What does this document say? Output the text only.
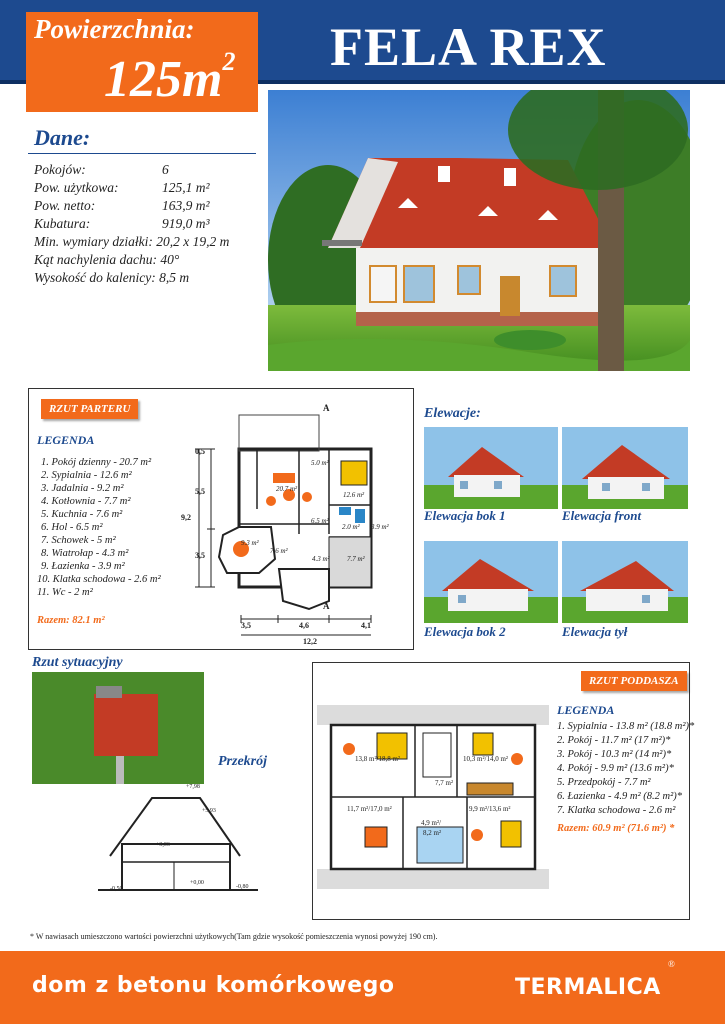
FELA REX
Powierzchnia:
$125m^2$
Dane:
Pokojów:	6
Pow. użytkowa:	125,1 m²
Pow. netto:	163,9 m²
Kubatura:	919,0 m³
Min. wymiary działki: 20,2 x 19,2 m
Kąt nachylenia dachu: 40°
Wysokość do kalenicy: 8,5 m
RZUT PARTERU
LEGENDA
1. Pokój dzienny - 20.7 m²
2. Sypialnia - 12.6 m²
3. Jadalnia - 9.2 m²
4. Kotłownia - 7.7 m²
5. Kuchnia - 7.6 m²
6. Hol - 6.5 m²
7. Schowek - 5 m²
8. Wiatrołap - 4.3 m²
9. Łazienka - 3.9 m²
10. Klatka schodowa - 2.6 m²
11. Wc - 2 m²
Razem: 82.1 m²
20.7 m²
12.6 m²
9.3 m²
7.7 m²
7.6 m²
6.5 m²
5.0 m²
4.3 m²
3.9 m²
2.0 m²
3,5	4,6	4,1
12,2
9,2
5,5
3,5
0,5
A
A
Elewacje:
Elewacja bok 1	Elewacja front
Elewacja bok 2	Elewacja tył
Rzut sytuacyjny
Przekrój
+7,98
+5,93
+3,06
+0,00
-0,50	-0,80
RZUT PODDASZA
LEGENDA
1. Sypialnia - 13.8 m² (18.8 m²)*
2. Pokój - 11.7 m² (17 m²)*
3. Pokój - 10.3 m² (14 m²)*
4. Pokój - 9.9 m² (13.6 m²)*
5. Przedpokój - 7.7 m²
6. Łazienka - 4.9 m² (8.2 m²)*
7. Klatka schodowa - 2.6 m²
Razem: 60.9 m² (71.6 m²) *
13,8 m²/18,8 m²
11,7 m²/17,0 m²
10,3 m²/14,0 m²
9,9 m²/13,6 m²
7,7 m²
4,9 m²/
8,2 m²
* W nawiasach umieszczono wartości powierzchni użytkowych(Tam gdzie wysokość pomieszczenia wynosi powyżej 190 cm).
dom z betonu komórkowego	TERMALICA
®
